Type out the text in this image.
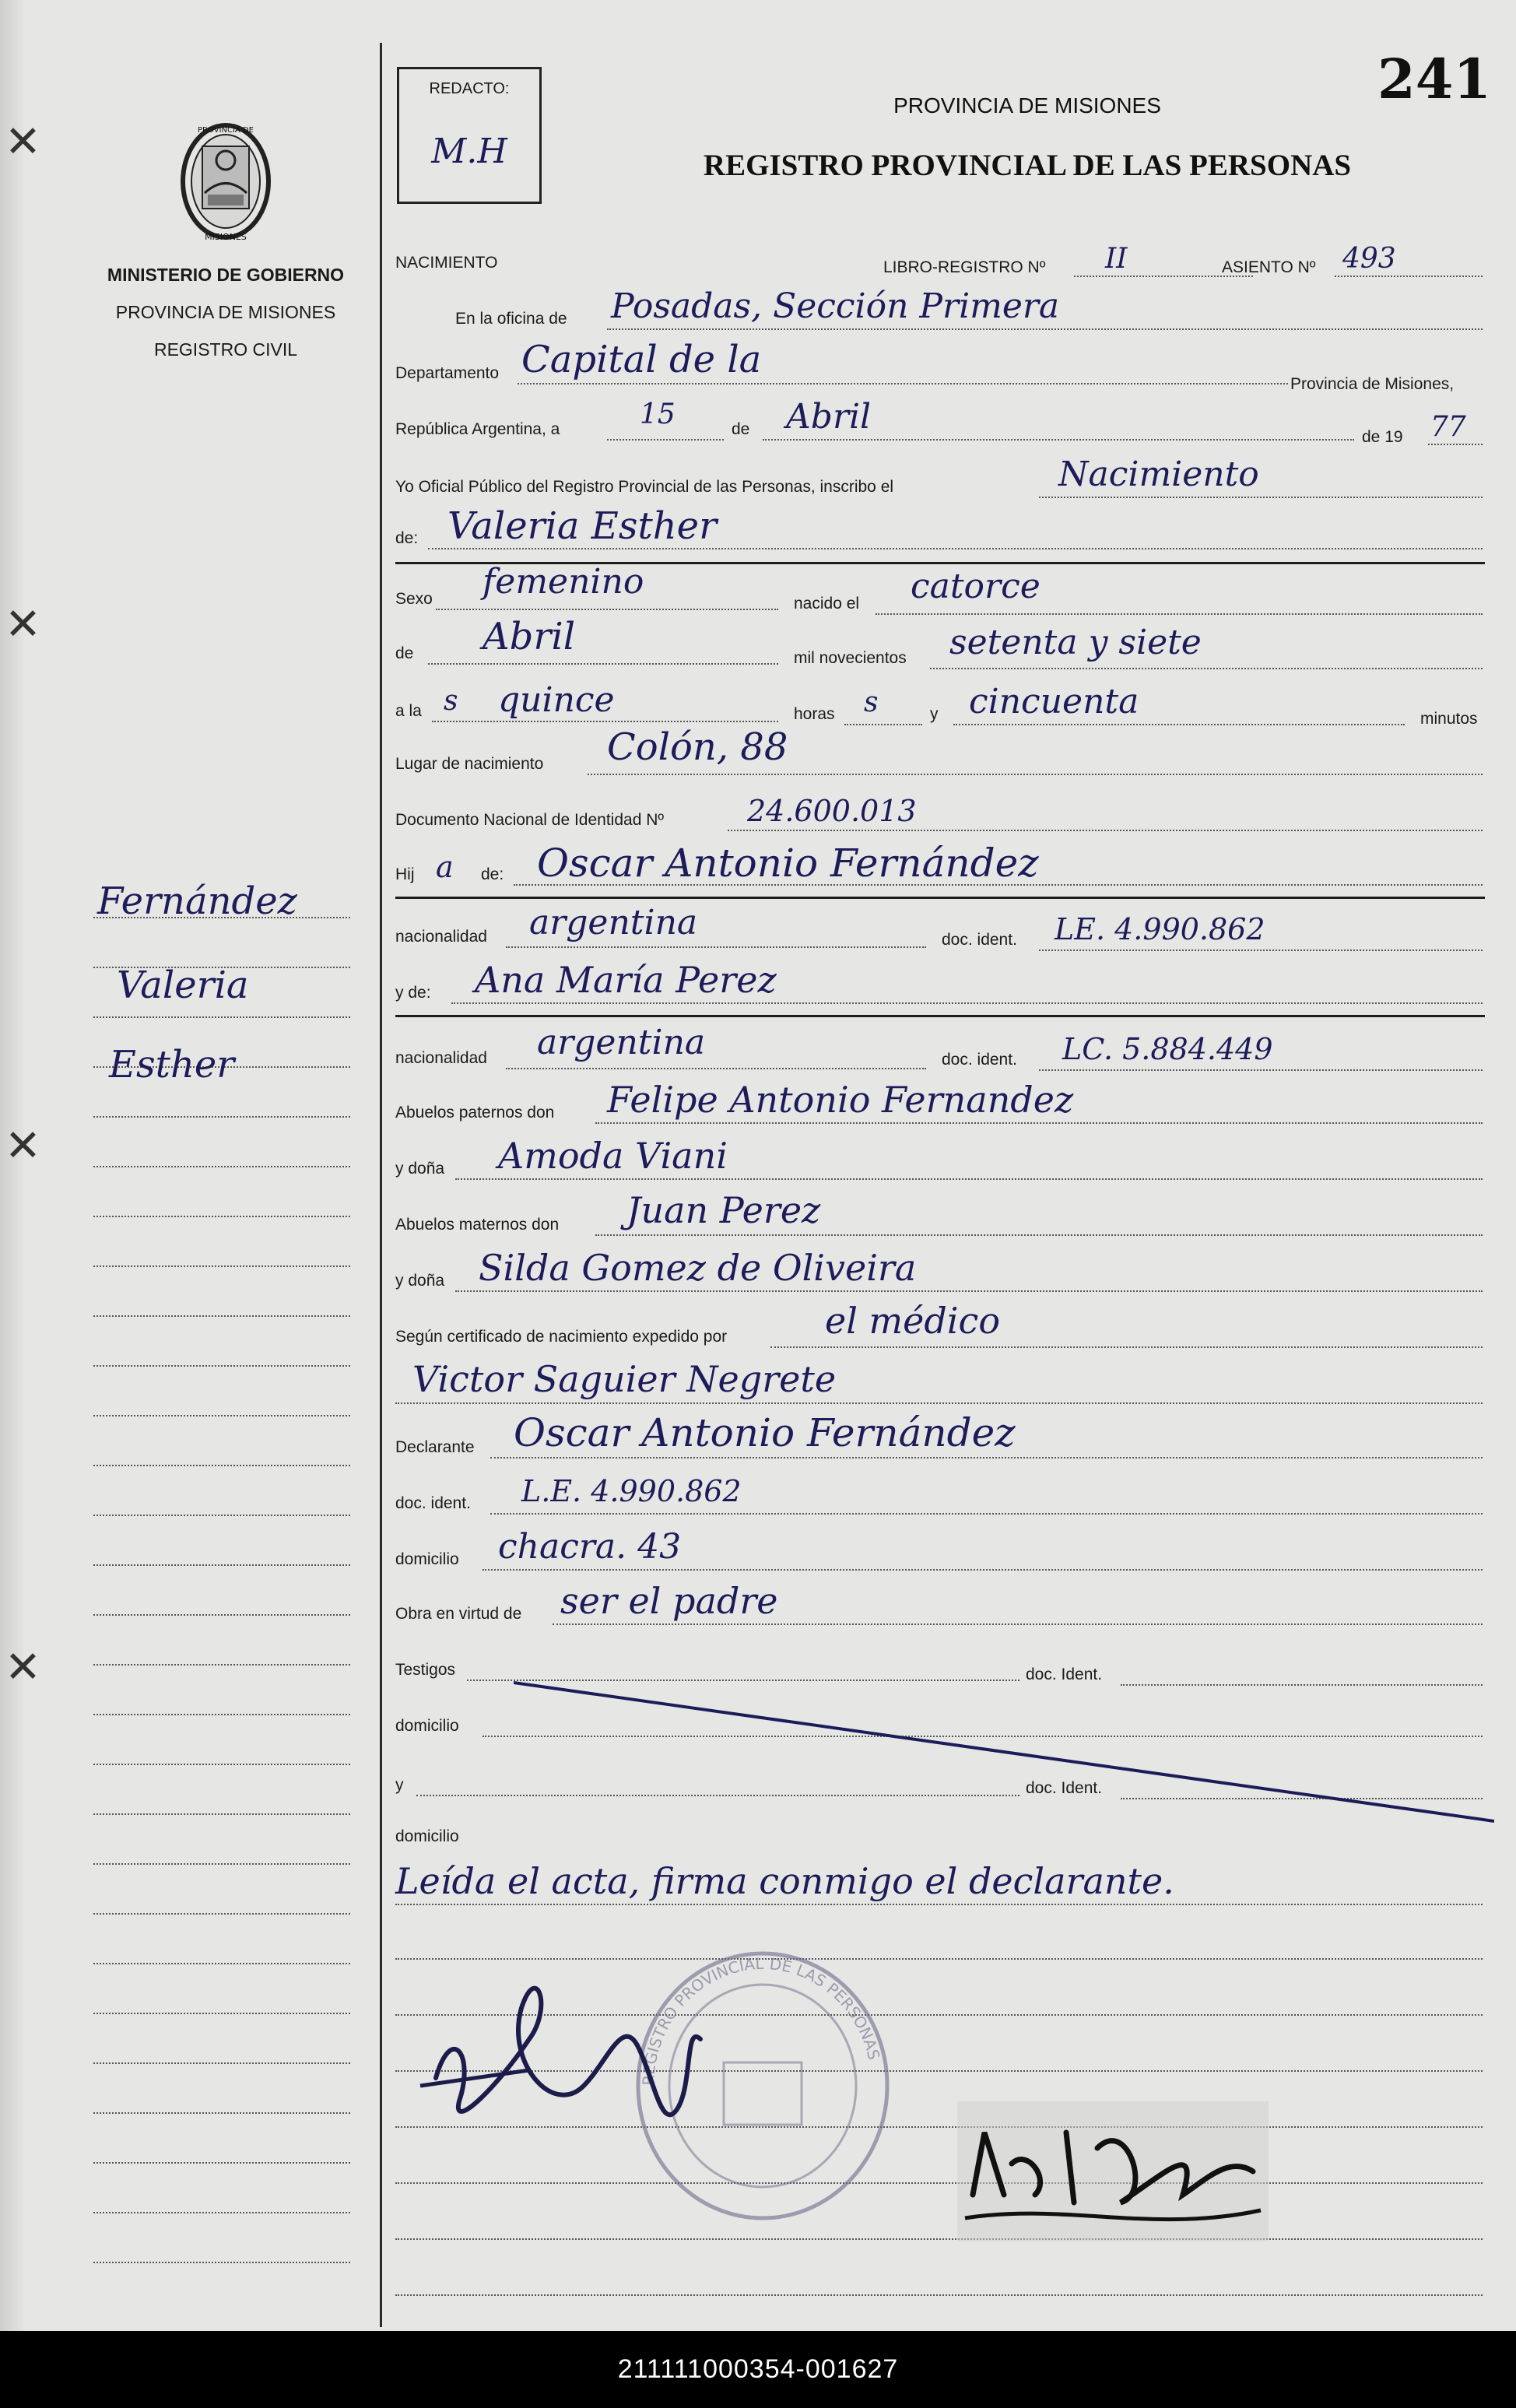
✕
✕
✕
✕
PROVINCIA DE
MISIONES
MINISTERIO DE GOBIERNO
PROVINCIA DE MISIONES
REGISTRO CIVIL
Fernández
Valeria
Esther
REDACTO:
M.H
241
PROVINCIA DE MISIONES
REGISTRO PROVINCIAL DE LAS PERSONAS
NACIMIENTO	LIBRO-REGISTRO Nº II	ASIENTO Nº 493
En la oficina de Posadas, Sección Primera
Departamento Capital de la
Provincia de Misiones,
República Argentina, a	15	de Abril
de 19 77
Yo Oficial Público del Registro Provincial de las Personas, inscribo el	Nacimiento
de: Valeria Esther
Sexo femenino
nacido el catorce
de Abril	mil novecientos setenta y siete
a la s quince	horas s	y cincuenta	minutos
Lugar de nacimiento Colón, 88
Documento Nacional de Identidad Nº	24.600.013
Hij a de: Oscar Antonio Fernández
nacionalidad argentina	doc. ident. LE. 4.990.862
y de: Ana María Perez
nacionalidad argentina	doc. ident. LC. 5.884.449
Abuelos paternos don Felipe Antonio Fernandez
y doña Amoda Viani
Abuelos maternos don Juan Perez
y doña Silda Gomez de Oliveira
Según certificado de nacimiento expedido por	el médico
Victor Saguier Negrete
Declarante Oscar Antonio Fernández
doc. ident. L.E. 4.990.862
domicilio chacra. 43
Obra en virtud de ser el padre
Testigos	doc. Ident.
domicilio
y	doc. Ident.
domicilio
Leída el acta, firma conmigo el declarante.
REGISTRO PROVINCIAL DE LAS PERSONAS
211111000354-001627
